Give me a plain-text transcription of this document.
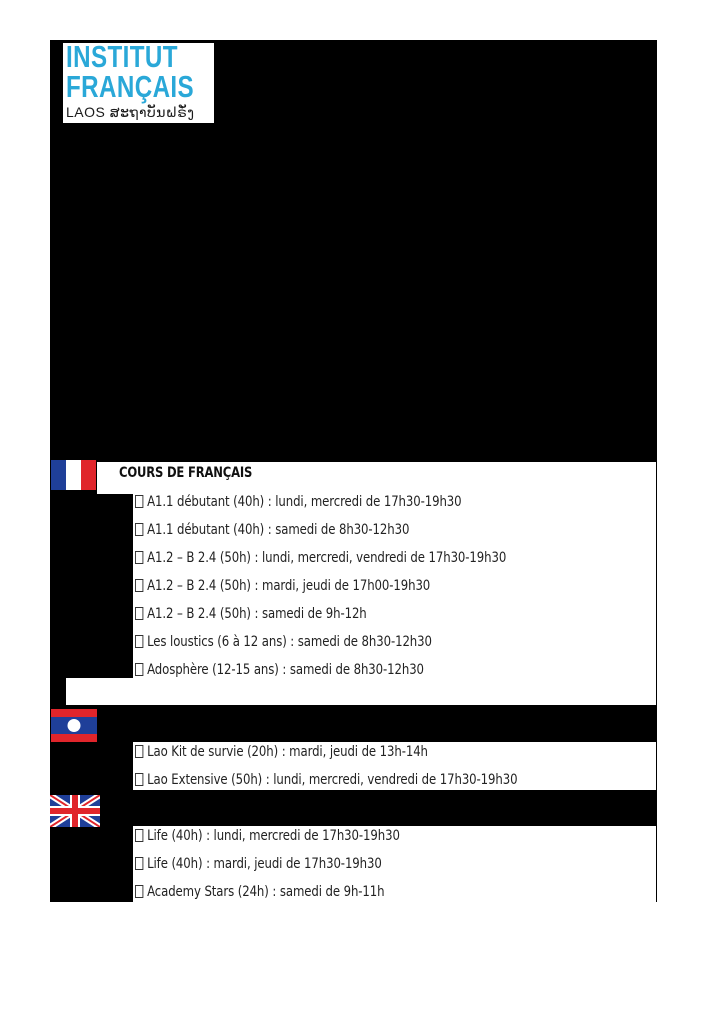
INSTITUT
FRANÇAIS
LAOS ສະຖາບັນຝຣັ່ງ
COURS DE FRANÇAIS
A1.1 débutant (40h) : lundi, mercredi de 17h30-19h30
A1.1 débutant (40h) : samedi de 8h30-12h30
A1.2 – B 2.4 (50h) : lundi, mercredi, vendredi de 17h30-19h30
A1.2 – B 2.4 (50h) : mardi, jeudi de 17h00-19h30
A1.2 – B 2.4 (50h) : samedi de 9h-12h
Les loustics (6 à 12 ans) : samedi de 8h30-12h30
Adosphère (12-15 ans) : samedi de 8h30-12h30
Lao Kit de survie (20h) : mardi, jeudi de 13h-14h
Lao Extensive (50h) : lundi, mercredi, vendredi de 17h30-19h30
Life (40h) : lundi, mercredi de 17h30-19h30
Life (40h) : mardi, jeudi de 17h30-19h30
Academy Stars (24h) : samedi de 9h-11h
